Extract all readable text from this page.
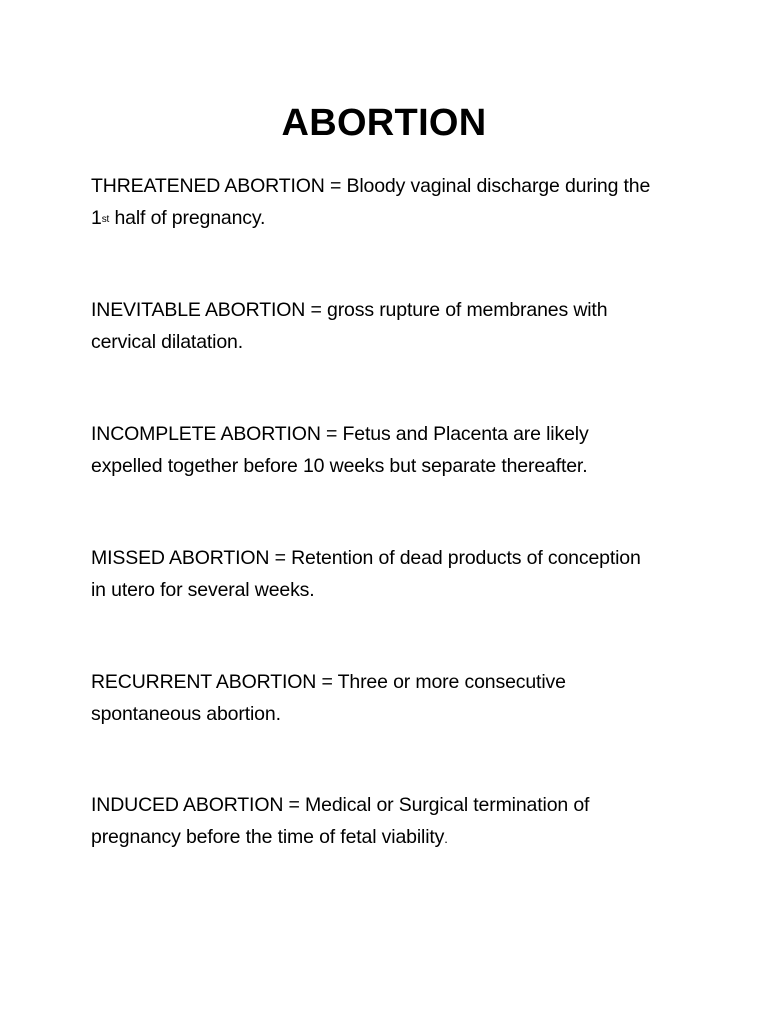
ABORTION
THREATENED ABORTION = Bloody vaginal discharge during the
1st half of pregnancy.
INEVITABLE ABORTION = gross rupture of membranes with
cervical dilatation.
INCOMPLETE ABORTION = Fetus and Placenta are likely
expelled together before 10 weeks but separate thereafter.
MISSED ABORTION = Retention of dead products of conception
in utero for several weeks.
RECURRENT ABORTION = Three or more consecutive
spontaneous abortion.
INDUCED ABORTION = Medical or Surgical termination of
pregnancy before the time of fetal viability.
